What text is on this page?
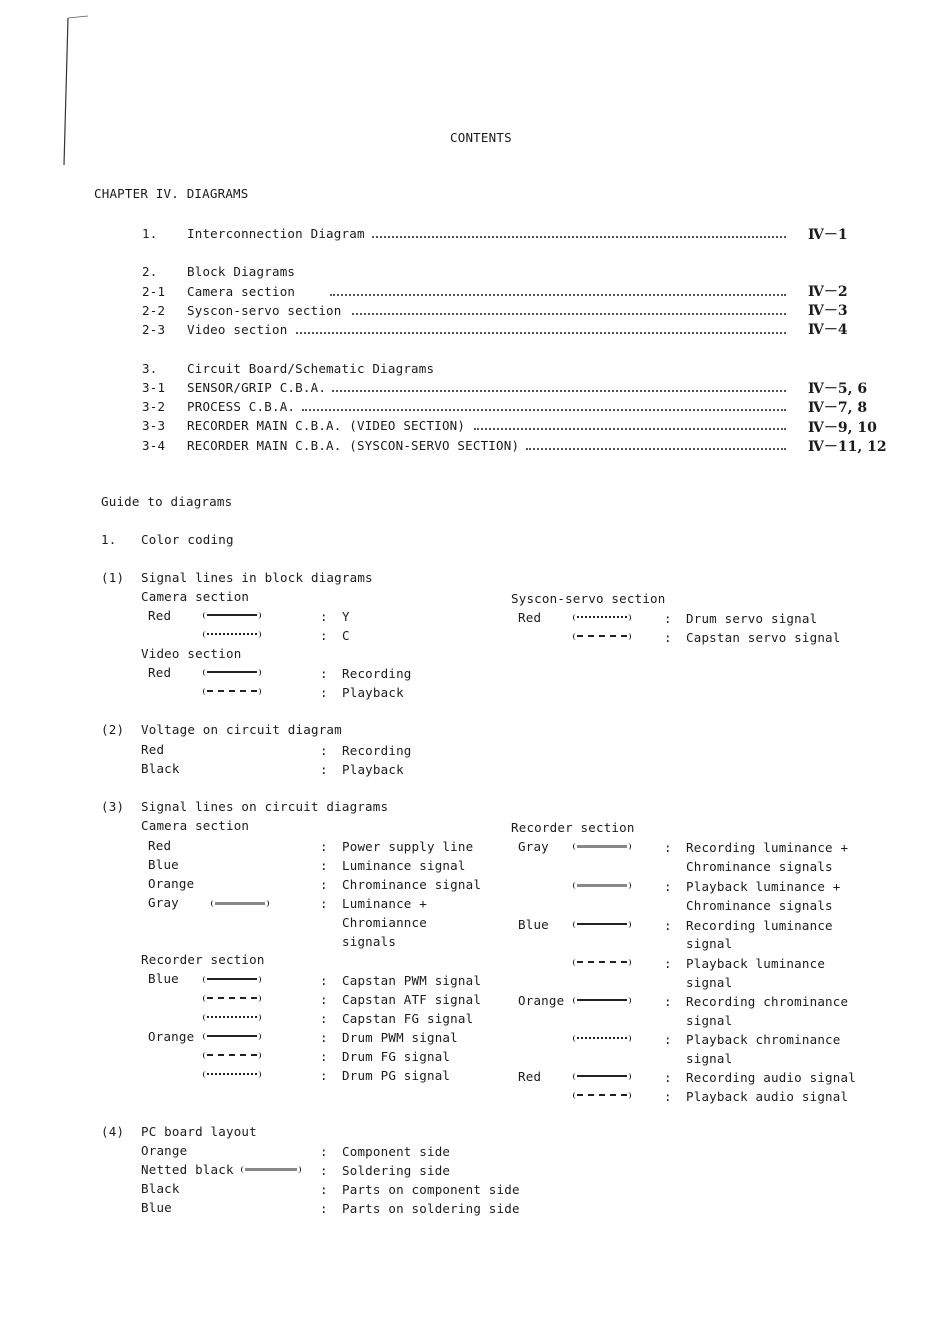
CONTENTS
CHAPTER IV. DIAGRAMS
1. Interconnection Diagram	Ⅳ－1
2. Block Diagrams
2-1 Camera section	Ⅳ－2
2-2 Syscon-servo section	Ⅳ－3
2-3 Video section	Ⅳ－4
3. Circuit Board/Schematic Diagrams
3-1 SENSOR/GRIP C.B.A.	Ⅳ－5, 6
3-2 PROCESS C.B.A.	Ⅳ－7, 8
3-3 RECORDER MAIN C.B.A. (VIDEO SECTION)	Ⅳ－9, 10
3-4 RECORDER MAIN C.B.A. (SYSCON-SERVO SECTION)	Ⅳ－11, 12
Guide to diagrams
1. Color coding
(1) Signal lines in block diagrams
Camera section
Red	: Y
: C
Video section
Red	: Recording
: Playback
Syscon-servo section
Red	: Drum servo signal
: Capstan servo signal
(2) Voltage on circuit diagram
Red	: Recording
Black	: Playback
(3) Signal lines on circuit diagrams
Camera section
Red	: Power supply line
Blue	: Luminance signal
Orange	: Chrominance signal
Gray	: Luminance +
Chromiannce
signals
Recorder section
Blue	: Capstan PWM signal
: Capstan ATF signal
: Capstan FG signal
Orange	: Drum PWM signal
: Drum FG signal
: Drum PG signal
Recorder section
Gray	: Recording luminance +
Chrominance signals
: Playback luminance +
Chrominance signals
Blue	: Recording luminance
signal
: Playback luminance
signal
Orange	: Recording chrominance
signal
: Playback chrominance
signal
Red	: Recording audio signal
: Playback audio signal
(4) PC board layout
Orange	: Component side
Netted black	: Soldering side
Black	: Parts on component side
Blue	: Parts on soldering side
